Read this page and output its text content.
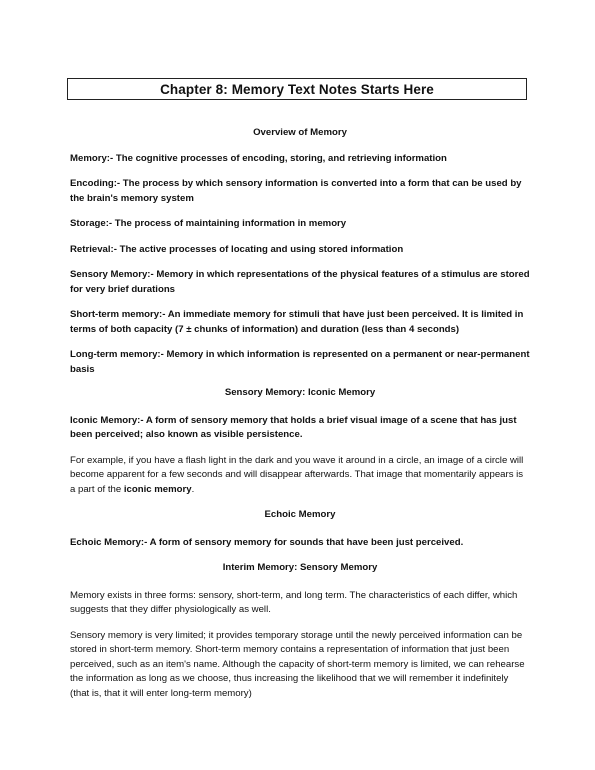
Chapter 8: Memory Text Notes Starts Here

Overview of Memory

Memory:- The cognitive processes of encoding, storing, and retrieving information

Encoding:- The process by which sensory information is converted into a form that can be used by the brain's memory system

Storage:- The process of maintaining information in memory

Retrieval:- The active processes of locating and using stored information

Sensory Memory:- Memory in which representations of the physical features of a stimulus are stored for very brief durations

Short-term memory:- An immediate memory for stimuli that have just been perceived. It is limited in terms of both capacity (7 ± chunks of information) and duration (less than 4 seconds)

Long-term memory:- Memory in which information is represented on a permanent or near-permanent basis

Sensory Memory: Iconic Memory

Iconic Memory:- A form of sensory memory that holds a brief visual image of a scene that has just been perceived; also known as visible persistence.

For example, if you have a flash light in the dark and you wave it around in a circle, an image of a circle will become apparent for a few seconds and will disappear afterwards. That image that momentarily appears is a part of the iconic memory.

Echoic Memory

Echoic Memory:- A form of sensory memory for sounds that have been just perceived.

Interim Memory: Sensory Memory

Memory exists in three forms: sensory, short-term, and long term. The characteristics of each differ, which suggests that they differ physiologically as well.

Sensory memory is very limited; it provides temporary storage until the newly perceived information can be stored in short-term memory. Short-term memory contains a representation of information that just been perceived, such as an item's name. Although the capacity of short-term memory is limited, we can rehearse the information as long as we choose, thus increasing the likelihood that we will remember it indefinitely (that is, that it will enter long-term memory)
